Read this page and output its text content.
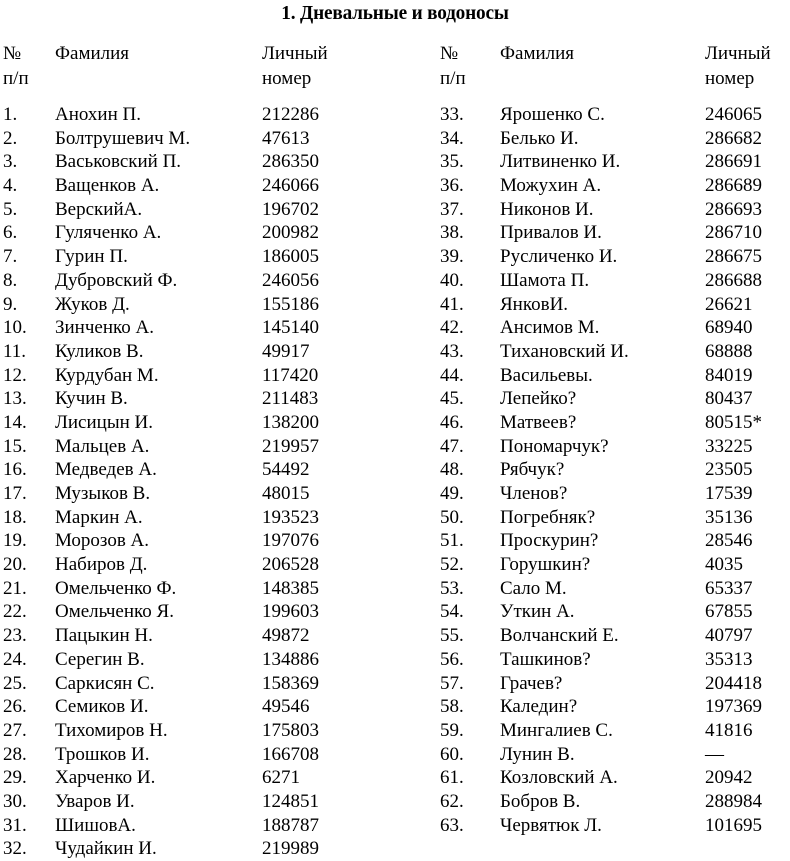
1. Дневальные и водоносы
№
п/п
Фамилия	Личный
номер
1.	Анохин П.	212286
2.	Болтрушевич М.	47613
3.	Васьковский П.	286350
4.	Ващенков А.	246066
5.	ВерскийА.	196702
6.	Гуляченко А.	200982
7.	Гурин П.	186005
8.	Дубровский Ф.	246056
9.	Жуков Д.	155186
10.	Зинченко А.	145140
11.	Куликов В.	49917
12.	Курдубан М.	117420
13.	Кучин В.	211483
14.	Лисицын И.	138200
15.	Мальцев А.	219957
16.	Медведев А.	54492
17.	Музыков В.	48015
18.	Маркин А.	193523
19.	Морозов А.	197076
20.	Набиров Д.	206528
21.	Омельченко Ф.	148385
22.	Омельченко Я.	199603
23.	Пацыкин Н.	49872
24.	Серегин В.	134886
25.	Саркисян С.	158369
26.	Семиков И.	49546
27.	Тихомиров Н.	175803
28.	Трошков И.	166708
29.	Харченко И.	6271
30.	Уваров И.	124851
31.	ШишовА.	188787
32.	Чудайкин И.	219989
№
п/п
Фамилия	Личный
номер
33.	Ярошенко С.	246065
34.	Белько И.	286682
35.	Литвиненко И.	286691
36.	Можухин А.	286689
37.	Никонов И.	286693
38.	Привалов И.	286710
39.	Русличенко И.	286675
40.	Шамота П.	286688
41.	ЯнковИ.	26621
42.	Ансимов М.	68940
43.	Тихановский И.	68888
44.	Васильевы.	84019
45.	Лепейко?	80437
46.	Матвеев?	80515*
47.	Пономарчук?	33225
48.	Рябчук?	23505
49.	Членов?	17539
50.	Погребняк?	35136
51.	Проскурин?	28546
52.	Горушкин?	4035
53.	Сало М.	65337
54.	Уткин А.	67855
55.	Волчанский Е.	40797
56.	Ташкинов?	35313
57.	Грачев?	204418
58.	Каледин?	197369
59.	Мингалиев С.	41816
60.	Лунин В.	—
61.	Козловский А.	20942
62.	Бобров В.	288984
63.	Червятюк Л.	101695
